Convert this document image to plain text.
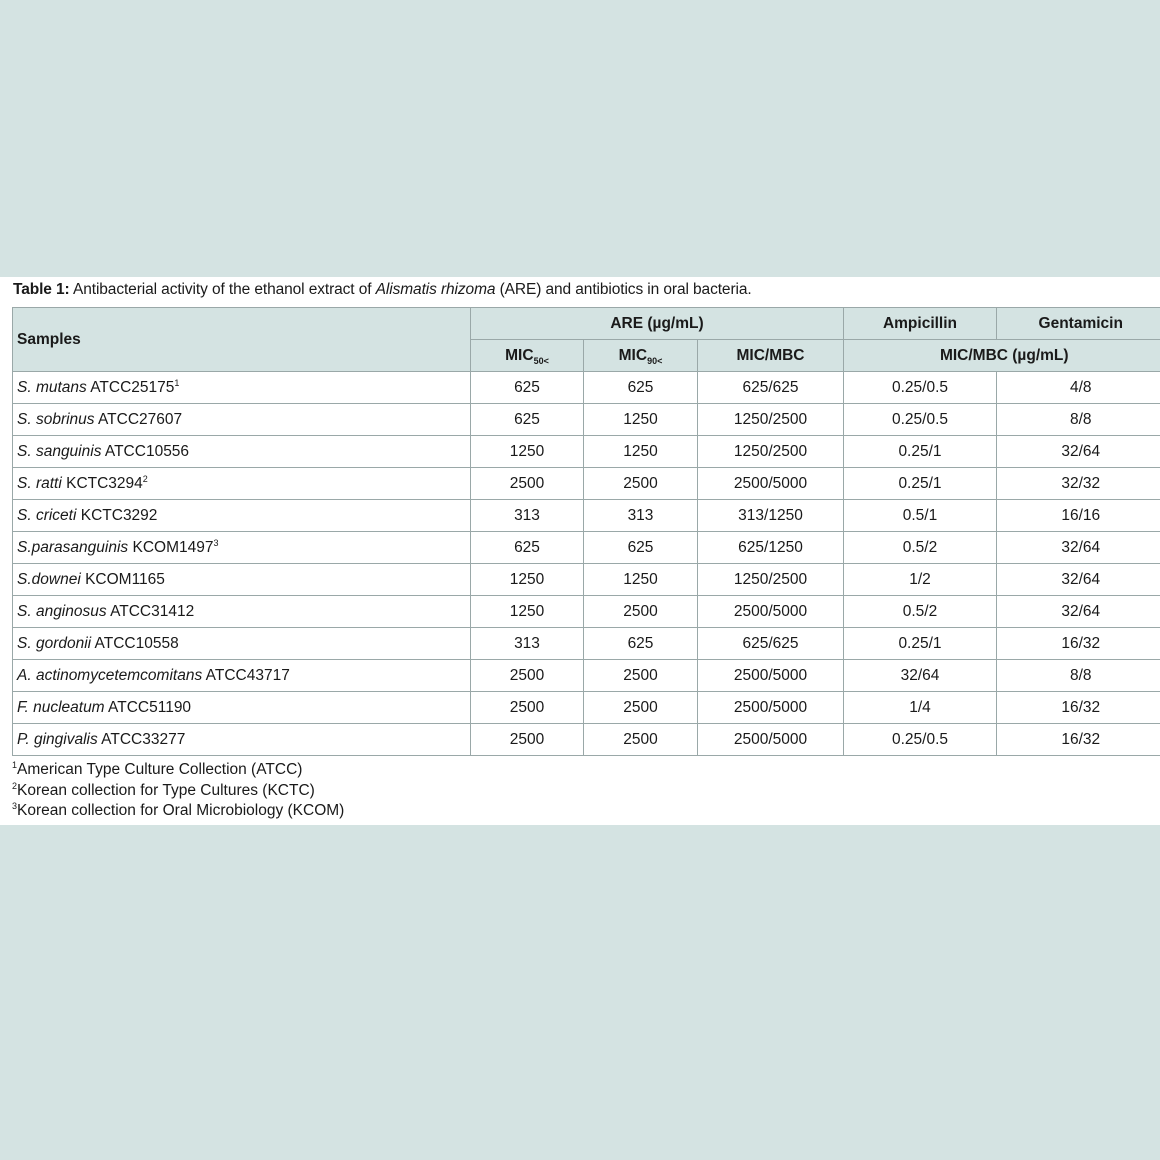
Table 1: Antibacterial activity of the ethanol extract of Alismatis rhizoma (ARE) and antibiotics in oral bacteria.
Samples	ARE (µg/mL)			Ampicillin	Gentamicin
	$MIC_{50<}$	$MIC_{90<}$	MIC/MBC	MIC/MBC (µg/mL)	
S. mutans ATCC25175$^1$	625	625	625/625	0.25/0.5	4/8
S. sobrinus ATCC27607	625	1250	1250/2500	0.25/0.5	8/8
S. sanguinis ATCC10556	1250	1250	1250/2500	0.25/1	32/64
S. ratti KCTC3294$^2$	2500	2500	2500/5000	0.25/1	32/32
S. criceti KCTC3292	313	313	313/1250	0.5/1	16/16
S.parasanguinis KCOM1497$^3$	625	625	625/1250	0.5/2	32/64
S.downei KCOM1165	1250	1250	1250/2500	1/2	32/64
S. anginosus ATCC31412	1250	2500	2500/5000	0.5/2	32/64
S. gordonii ATCC10558	313	625	625/625	0.25/1	16/32
A. actinomycetemcomitans ATCC43717	2500	2500	2500/5000	32/64	8/8
F. nucleatum ATCC51190	2500	2500	2500/5000	1/4	16/32
P. gingivalis ATCC33277	2500	2500	2500/5000	0.25/0.5	16/32
$^1$American Type Culture Collection (ATCC)
$^2$Korean collection for Type Cultures (KCTC)
$^3$Korean collection for Oral Microbiology (KCOM)
